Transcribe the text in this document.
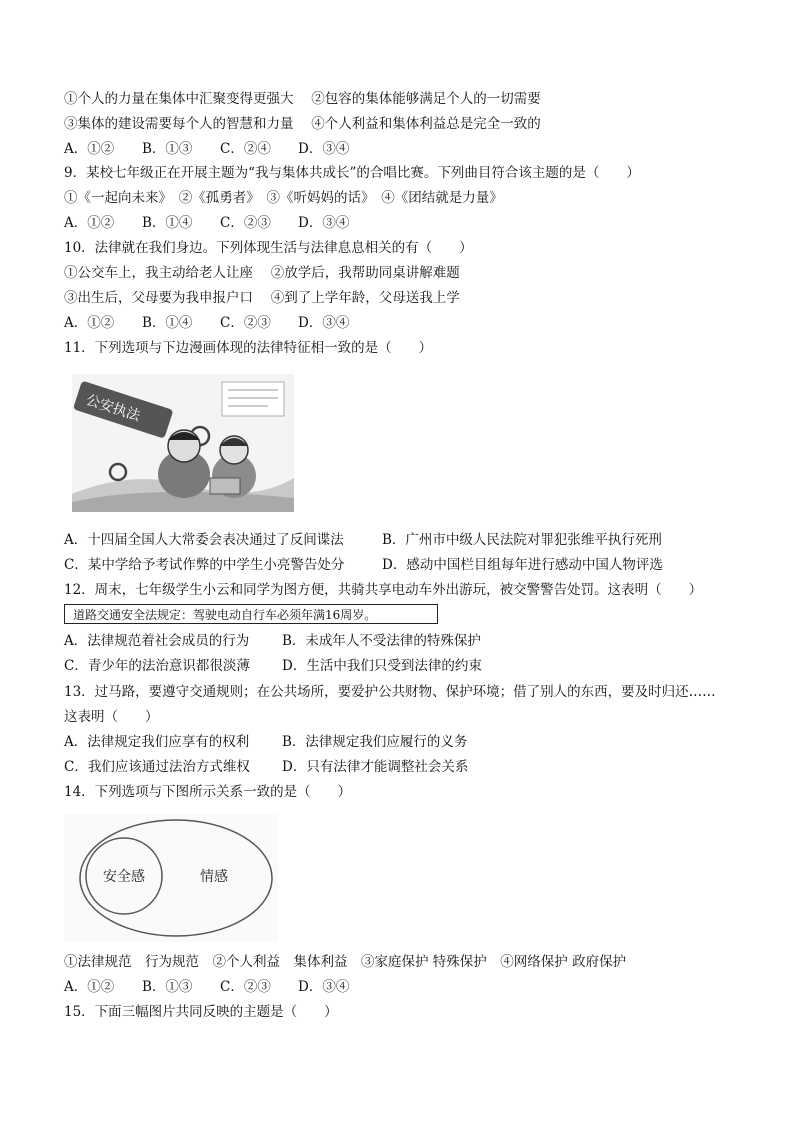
①个人的力量在集体中汇聚变得更强大　 ②包容的集体能够满足个人的一切需要
③集体的建设需要每个人的智慧和力量　 ④个人利益和集体利益总是完全一致的
A．①② B．①③ C．②④ D．③④
9．某校七年级正在开展主题为“我与集体共成长”的合唱比赛。下列曲目符合该主题的是（　　）
①《一起向未来》　②《孤勇者》　③《听妈妈的话》　④《团结就是力量》
A．①② B．①④ C．②③ D．③④
10．法律就在我们身边。下列体现生活与法律息息相关的有（　　）
①公交车上，我主动给老人让座　 ②放学后，我帮助同桌讲解难题
③出生后，父母要为我申报户口　 ④到了上学年龄，父母送我上学
A．①② B．①④ C．②③ D．③④
11．下列选项与下边漫画体现的法律特征相一致的是（　　）
公安执法
A．十四届全国人大常委会表决通过了反间谍法	B．广州市中级人民法院对罪犯张维平执行死刑
C．某中学给予考试作弊的中学生小亮警告处分	D．感动中国栏目组每年进行感动中国人物评选
12．周末，七年级学生小云和同学为图方便，共骑共享电动车外出游玩，被交警警告处罚。这表明（　　）
道路交通安全法规定：驾驶电动自行车必须年满16周岁。
A．法律规范着社会成员的行为 B．未成年人不受法律的特殊保护
C．青少年的法治意识都很淡薄 D．生活中我们只受到法律的约束
13．过马路，要遵守交通规则；在公共场所，要爱护公共财物、保护环境；借了别人的东西，要及时归还……
这表明（　　）
A．法律规定我们应享有的权利 B．法律规定我们应履行的义务
C．我们应该通过法治方式维权 D．只有法律才能调整社会关系
14．下列选项与下图所示关系一致的是（　　）
安全感	情感
①法律规范　行为规范　②个人利益　集体利益　③家庭保护 特殊保护　④网络保护 政府保护
A．①② B．①③ C．②③ D．③④
15．下面三幅图片共同反映的主题是（　　）
